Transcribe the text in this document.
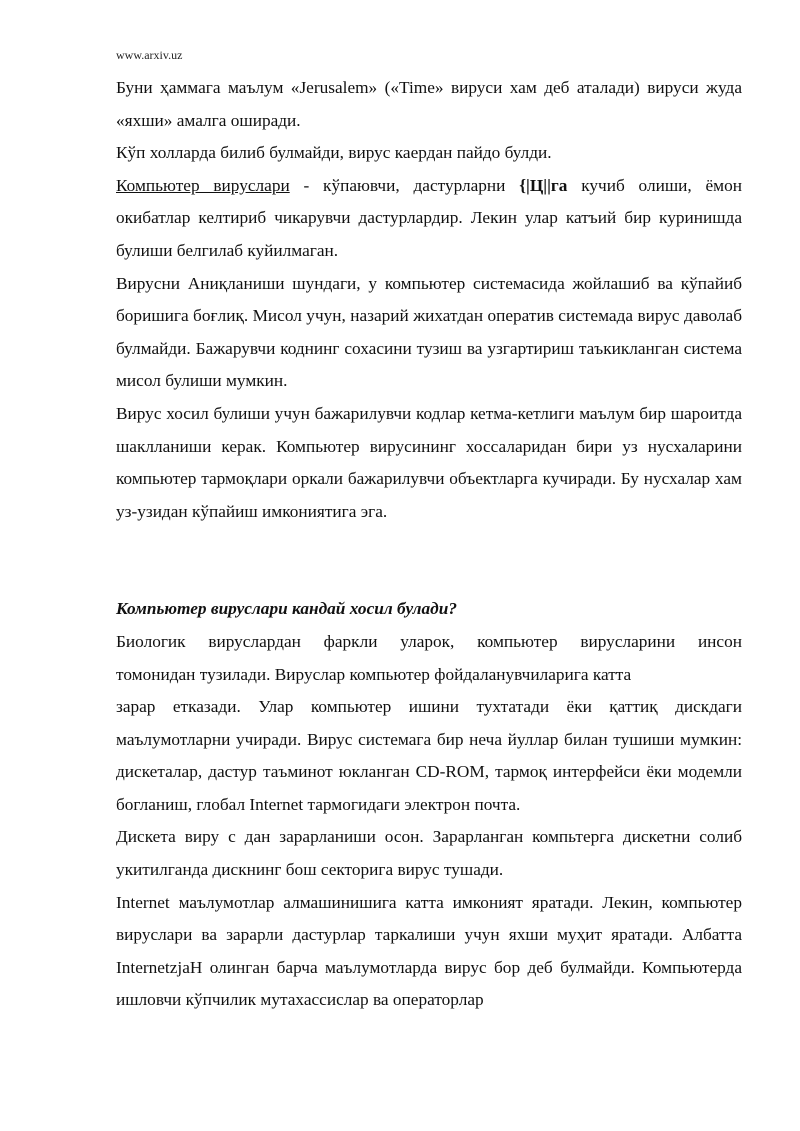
www.arxiv.uz

Буни ҳаммага маълум «Jerusalem» («Time» вируси хам деб аталади) вируси жуда «яхши» амалга оширади.

Кўп холларда билиб булмайди, вирус каердан пайдо булди.

Компьютер вируслари - кўпаювчи, дастурларни {|Ц||га кучиб олиши, ёмон окибатлар келтириб чикарувчи дастурлардир. Лекин улар катъий бир куринишда булиши белгилаб куйилмаган.

Вирусни Аниқланиши шундаги, у компьютер системасида жойлашиб ва кўпайиб боришига боғлиқ. Мисол учун, назарий жихатдан оператив системада вирус даволаб булмайди. Бажарувчи коднинг сохасини тузиш ва узгартириш таъкикланган система мисол булиши мумкин.

Вирус хосил булиши учун бажарилувчи кодлар кетма-кетлиги маълум бир шароитда шаклланиши керак. Компьютер вирусининг хоссаларидан бири уз нусхаларини компьютер тармоқлари оркали бажарилувчи объектларга кучиради. Бу нусхалар хам уз-узидан кўпайиш имкониятига эга.

Компьютер вируслари кандай хосил булади?

Биологик вируслардан фаркли уларок, компьютер вирусларини инсон
томонидан тузилади. Вируслар компьютер фойдаланувчиларига катта
зарар етказади. Улар компьютер ишини тухтатади ёки қаттиқ дискдаги маълумотларни учиради. Вирус системага бир неча йуллар билан тушиши мумкин: дискеталар, дастур таъминот юкланган CD-ROM, тармоқ интерфейси ёки модемли богланиш, глобал Internet тармогидаги электрон почта.

Дискета виру с дан зарарланиши осон. Зарарланган компьтерга дискетни солиб укитилганда дискнинг бош секторига вирус тушади.

Internet маълумотлар алмашинишига катта имконият яратади. Лекин, компьютер вируслари ва зарарли дастурлар таркалиши учун яхши муҳит яратади. Албатта InternetzjaH олинган барча маълумотларда вирус бор деб булмайди. Компьютерда ишловчи кўпчилик мутахассислар ва операторлар
